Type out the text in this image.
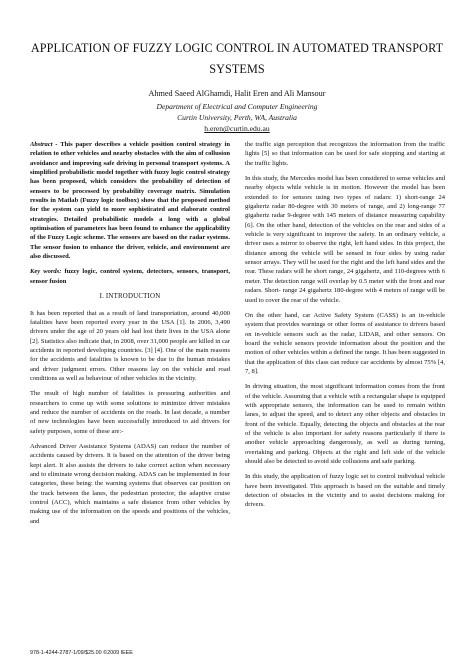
APPLICATION OF FUZZY LOGIC CONTROL IN AUTOMATED TRANSPORT
SYSTEMS
Ahmed Saeed AlGhamdi, Halit Eren and Ali Mansour
Department of Electrical and Computer Engineering
Curtin University, Perth, WA, Australia
h.eren@curtin.edu.au

Abstract - This paper describes a vehicle position control strategy in relation to other vehicles and nearby obstacles with the aim of collusion avoidance and improving safe driving in personal transport systems. A simplified probabilistic model together with fuzzy logic control strategy has been proposed, which considers the probability of detection of sensors to be processed by probability coverage matrix. Simulation results in Matlab (Fuzzy logic toolbox) show that the proposed method for the system can yield to more sophisticated and elaborate control strategies. Detailed probabilistic models a long with a global optimisation of parameters has been found to enhance the applicability of the Fuzzy Logic scheme. The sensors are based on the radar systems. The sensor fusion to enhance the driver, vehicle, and environment are also discussed.

Key words: fuzzy logic, control system, detectors, sensors, transport, sensor fusion

I. INTRODUCTION

It has been reported that as a result of land transportation, around 40,000 fatalities have been reported every year in the USA [1]. In 2006, 3,490 drivers under the age of 20 years old had lost their lives in the USA alone [2]. Statistics also indicate that, in 2008, over 31,000 people are killed in car accidents in reported developing countries. [3] [4]. One of the main reasons for the accidents and fatalities is known to be due to the human mistakes and driver judgment errors. Other reasons lay on the vehicle and road conditions as well as behaviour of other vehicles in the vicinity.

The result of high number of fatalities is pressuring authorities and researchers to come up with some solutions to minimize driver mistakes and reduce the number of accidents on the roads. In last decade, a number of new technologies have been successfully introduced to aid drivers for safety purposes, some of these are:-

Advanced Driver Assistance Systems (ADAS) can reduce the number of accidents caused by drivers. It is based on the attention of the driver being kept alert. It also assists the drivers to take correct action when necessary and to eliminate wrong decision making. ADAS can be implemented in four categories, these being: the warning systems that observes car position on the track between the lanes, the pedestrian protector, the adaptive cruise control (ACC), which maintains a safe distance from other vehicles by making use of the information on the speeds and positions of the vehicles, and

the traffic sign perception that recognizes the information from the traffic lights [5] so that information can be used for safe stopping and starting at the traffic lights.

In this study, the Mercedes model has been considered to sense vehicles and nearby objects while vehicle is in motion. However the model has been extended to for sensors using two types of radars: 1) short-range 24 gigahertz radar 80-degree with 30 meters of range, and 2) long-range 77 gigahertz radar 9-degree with 145 meters of distance measuring capability [6]. On the other hand, detection of the vehicles on the rear and sides of a vehicle is very significant to improve the safety. In an ordinary vehicle, a driver uses a mirror to observe the right, left hand sides. In this project, the distance among the vehicle will be sensed in four sides by using radar sensor arrays. They will be used for the right and the left hand sides and the rear. These radars will be short range, 24 gigahertz, and 110-degrees with 6 meter. The detection range will overlap by 0.5 meter with the front and rear radars. Short- range 24 gigahertz 180-degree with 4 meters of range will be used to cover the rear of the vehicle.

On the other hand, car Active Safety System (CASS) is an in-vehicle system that provides warnings or other forms of assistance to drivers based on in-vehicle sensors such as the radar, LIDAR, and other sensors. On board the vehicle sensors provide information about the position and the motion of other vehicles within a defined the range. It has been suggested in that the application of this class can reduce car accidents by almost 75% [4, 7, 8].

In driving situation, the most significant information comes from the front of the vehicle. Assuming that a vehicle with a rectangular shape is equipped with appropriate sensors, the information can be used to remain within lanes, to adjust the speed, and to detect any other objects and obstacles in front of the vehicle. Equally, detecting the objects and obstacles at the rear of the vehicle is also important for safety reasons particularly if there is another vehicle approaching dangerously, as well as during turning, overtaking and parking. Objects at the right and left side of the vehicle should also be detected to avoid side collusions and safe parking.

In this study, the application of fuzzy logic set to control individual vehicle have been investigated. This approach is based on the suitable and timely detection of obstacles in the vicinity and to assist decisions making for drivers.

978-1-4244-2787-1/09/$25.00 ©2009 IEEE
